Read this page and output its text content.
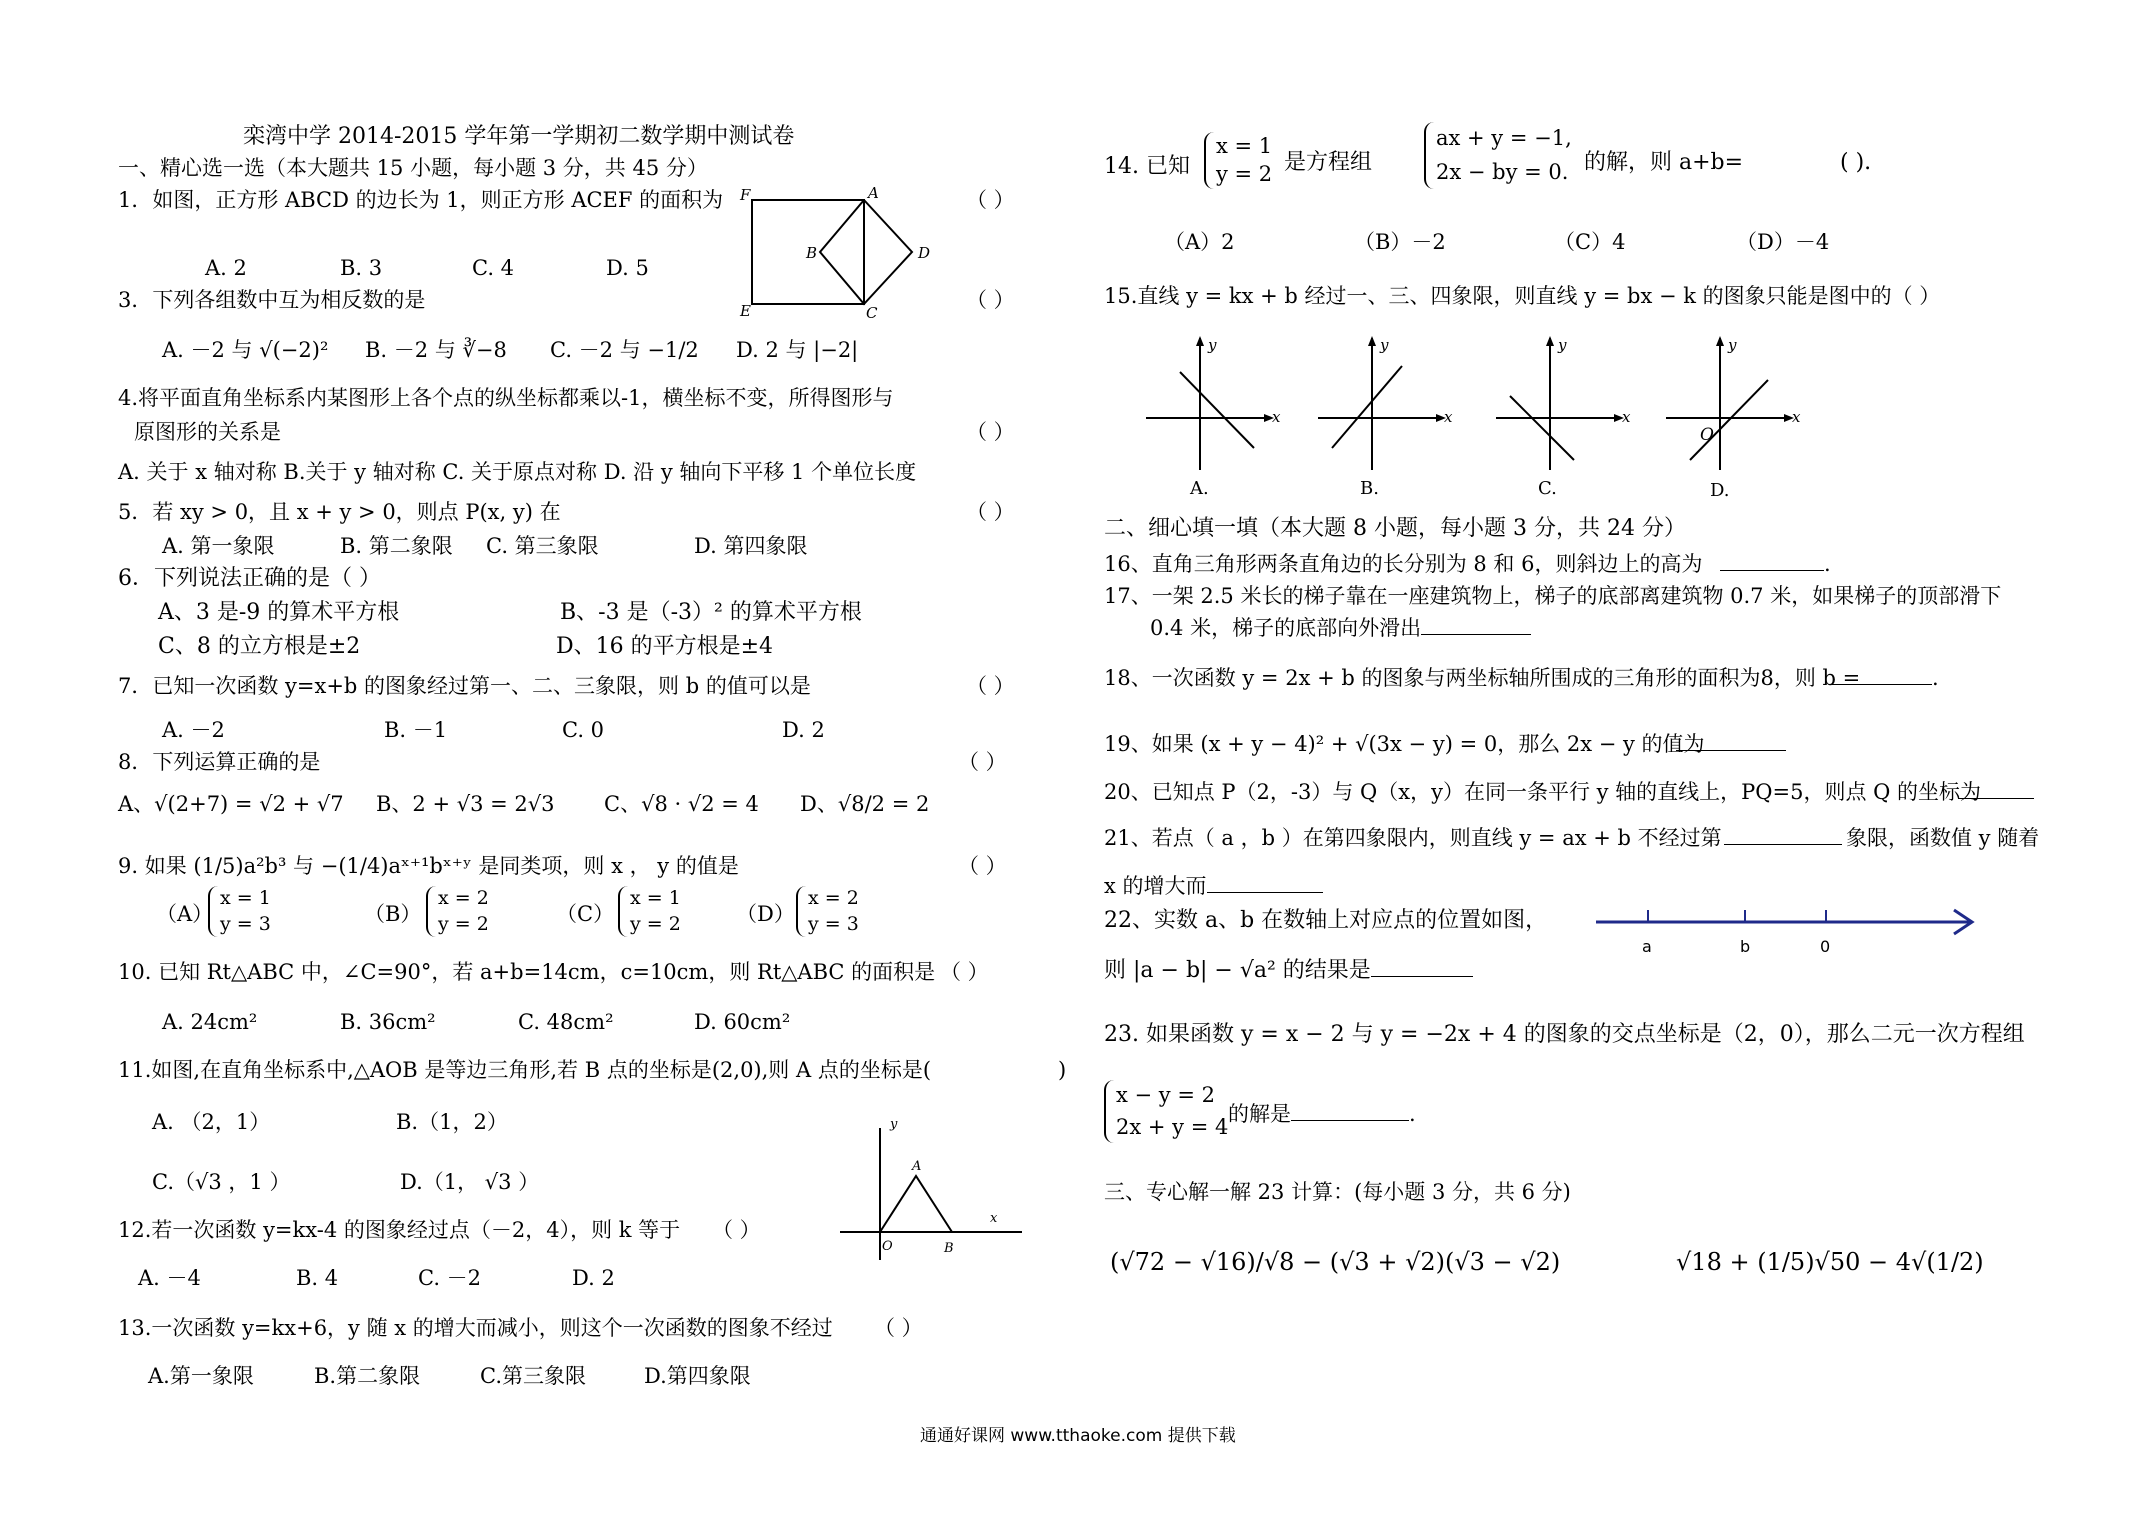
栾湾中学 2014-2015 学年第一学期初二数学期中测试卷
一、精心选一选（本大题共 15 小题，每小题 3 分，共 45 分）
1．如图，正方形 ABCD 的边长为 1，则正方形 ACEF 的面积为	（ ）
A. 2	B. 3	C. 4	D. 5
F	A
B	D
E	C
3．下列各组数中互为相反数的是	（ ）
A. －2 与 √(−2)² B. －2 与 ∛−8 C. －2 与 −1/2 D. 2 与 |−2|
4.将平面直角坐标系内某图形上各个点的纵坐标都乘以-1，横坐标不变，所得图形与
原图形的关系是	（ ）
A. 关于 x 轴对称 B.关于 y 轴对称 C. 关于原点对称 D. 沿 y 轴向下平移 1 个单位长度
5．若 xy > 0，且 x + y > 0，则点 P(x, y) 在	（ ）
A. 第一象限	B. 第二象限 C. 第三象限	D. 第四象限
6．下列说法正确的是（ ）
A、3 是-9 的算术平方根	B、-3 是（-3）² 的算术平方根
C、8 的立方根是±2	D、16 的平方根是±4
7．已知一次函数 y=x+b 的图象经过第一、二、三象限，则 b 的值可以是	（ ）
A. －2	B. －1	C. 0	D. 2
8．下列运算正确的是	（ ）
A、√(2+7) = √2 + √7 B、2 + √3 = 2√3 C、√8 · √2 = 4 D、√8/2 = 2
9. 如果 (1/5)a²b³ 与 −(1/4)aˣ⁺¹bˣ⁺ʸ 是同类项，则 x ， y 的值是	（ ）
（A）
x = 1
y = 3	（B）
x = 2
y = 2	（C）
x = 1
y = 2	（D）
x = 2
y = 3
10. 已知 Rt△ABC 中，∠C=90°，若 a+b=14cm，c=10cm，则 Rt△ABC 的面积是 （ ）
A. 24cm²	B. 36cm²	C. 48cm²	D. 60cm²
11.如图,在直角坐标系中,△AOB 是等边三角形,若 B 点的坐标是(2,0),则 A 点的坐标是(	)
A. （2，1）	B.（1，2）
C.（√3 ，1 ）	D.（1， √3 ）
y
A
x
O	B
12.若一次函数 y=kx-4 的图象经过点（－2，4），则 k 等于 （ ）
A. －4	B. 4	C. －2	D. 2
13.一次函数 y=kx+6，y 随 x 的增大而减小，则这个一次函数的图象不经过 （ ）
A.第一象限	B.第二象限	C.第三象限	D.第四象限
14. 已知
x = 1
y = 2 是方程组
ax + y = −1,
2x − by = 0. 的解，则 a+b=	( ).
（A）2	（B）－2	（C）4	（D）－4
15.直线 y = kx + b 经过一、三、四象限，则直线 y = bx − k 的图象只能是图中的（ ）
y
x
A.
y
x
B.
y
x
C.
y
x
O
D.
二、细心填一填（本大题 8 小题，每小题 3 分，共 24 分）
16、直角三角形两条直角边的长分别为 8 和 6，则斜边上的高为	.
17、一架 2.5 米长的梯子靠在一座建筑物上，梯子的底部离建筑物 0.7 米，如果梯子的顶部滑下
0.4 米，梯子的底部向外滑出
18、一次函数 y = 2x + b 的图象与两坐标轴所围成的三角形的面积为8，则 b =	.
19、如果 (x + y − 4)² + √(3x − y) = 0，那么 2x − y 的值为
20、已知点 P（2，-3）与 Q（x，y）在同一条平行 y 轴的直线上，PQ=5，则点 Q 的坐标为
21、若点（ a ，b ）在第四象限内，则直线 y = ax + b 不经过第	象限，函数值 y 随着
x 的增大而
22、实数 a、b 在数轴上对应点的位置如图，
a	b	0
则 |a − b| − √a² 的结果是
23. 如果函数 y = x − 2 与 y = −2x + 4 的图象的交点坐标是（2，0），那么二元一次方程组
x − y = 2
2x + y = 4
的解是	.
三、专心解一解 23 计算：(每小题 3 分，共 6 分)
(√72 − √16)/√8 − (√3 + √2)(√3 − √2)	√18 + (1/5)√50 − 4√(1/2)
通通好课网 www.tthaoke.com 提供下载
